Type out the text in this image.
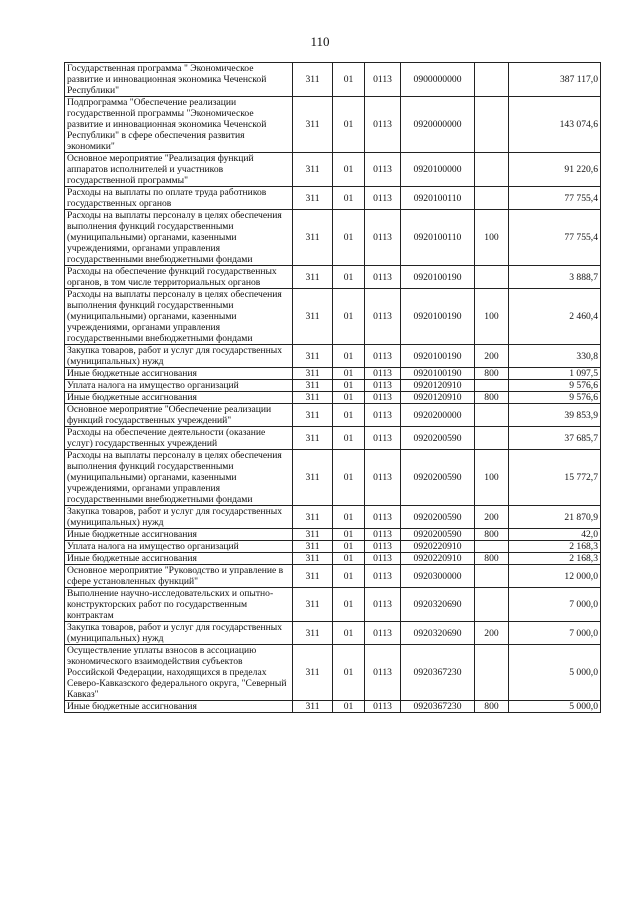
110
Государственная программа " Экономическое развитие и инновационная экономика Чеченской Республики"	311	01	0113	0900000000		387 117,0
Подпрограмма "Обеспечение реализации государственной программы "Экономическое развитие и инновационная экономика Чеченской Республики" в сфере обеспечения развития экономики"	311	01	0113	0920000000		143 074,6
Основное мероприятие "Реализация функций аппаратов исполнителей и участников государственной программы"	311	01	0113	0920100000		91 220,6
Расходы на выплаты по оплате труда работников государственных органов	311	01	0113	0920100110		77 755,4
Расходы на выплаты персоналу в целях обеспечения выполнения функций государственными (муниципальными) органами, казенными учреждениями, органами управления государственными внебюджетными фондами	311	01	0113	0920100110	100	77 755,4
Расходы на обеспечение функций государственных органов, в том числе территориальных органов	311	01	0113	0920100190		3 888,7
Расходы на выплаты персоналу в целях обеспечения выполнения функций государственными (муниципальными) органами, казенными учреждениями, органами управления государственными внебюджетными фондами	311	01	0113	0920100190	100	2 460,4
Закупка товаров, работ и услуг для государственных (муниципальных) нужд	311	01	0113	0920100190	200	330,8
Иные бюджетные ассигнования	311	01	0113	0920100190	800	1 097,5
Уплата налога на имущество организаций	311	01	0113	0920120910		9 576,6
Иные бюджетные ассигнования	311	01	0113	0920120910	800	9 576,6
Основное мероприятие "Обеспечение реализации функций государственных учреждений"	311	01	0113	0920200000		39 853,9
Расходы на обеспечение деятельности (оказание услуг) государственных учреждений	311	01	0113	0920200590		37 685,7
Расходы на выплаты персоналу в целях обеспечения выполнения функций государственными (муниципальными) органами, казенными учреждениями, органами управления государственными внебюджетными фондами	311	01	0113	0920200590	100	15 772,7
Закупка товаров, работ и услуг для государственных (муниципальных) нужд	311	01	0113	0920200590	200	21 870,9
Иные бюджетные ассигнования	311	01	0113	0920200590	800	42,0
Уплата налога на имущество организаций	311	01	0113	0920220910		2 168,3
Иные бюджетные ассигнования	311	01	0113	0920220910	800	2 168,3
Основное мероприятие "Руководство и управление в сфере установленных функций"	311	01	0113	0920300000		12 000,0
Выполнение научно-исследовательских и опытно-конструкторских работ по государственным контрактам	311	01	0113	0920320690		7 000,0
Закупка товаров, работ и услуг для государственных (муниципальных) нужд	311	01	0113	0920320690	200	7 000,0
Осуществление уплаты взносов в ассоциацию экономического взаимодействия субъектов Российской Федерации, находящихся в пределах Северо-Кавказского федерального округа, "Северный Кавказ"	311	01	0113	0920367230		5 000,0
Иные бюджетные ассигнования	311	01	0113	0920367230	800	5 000,0
